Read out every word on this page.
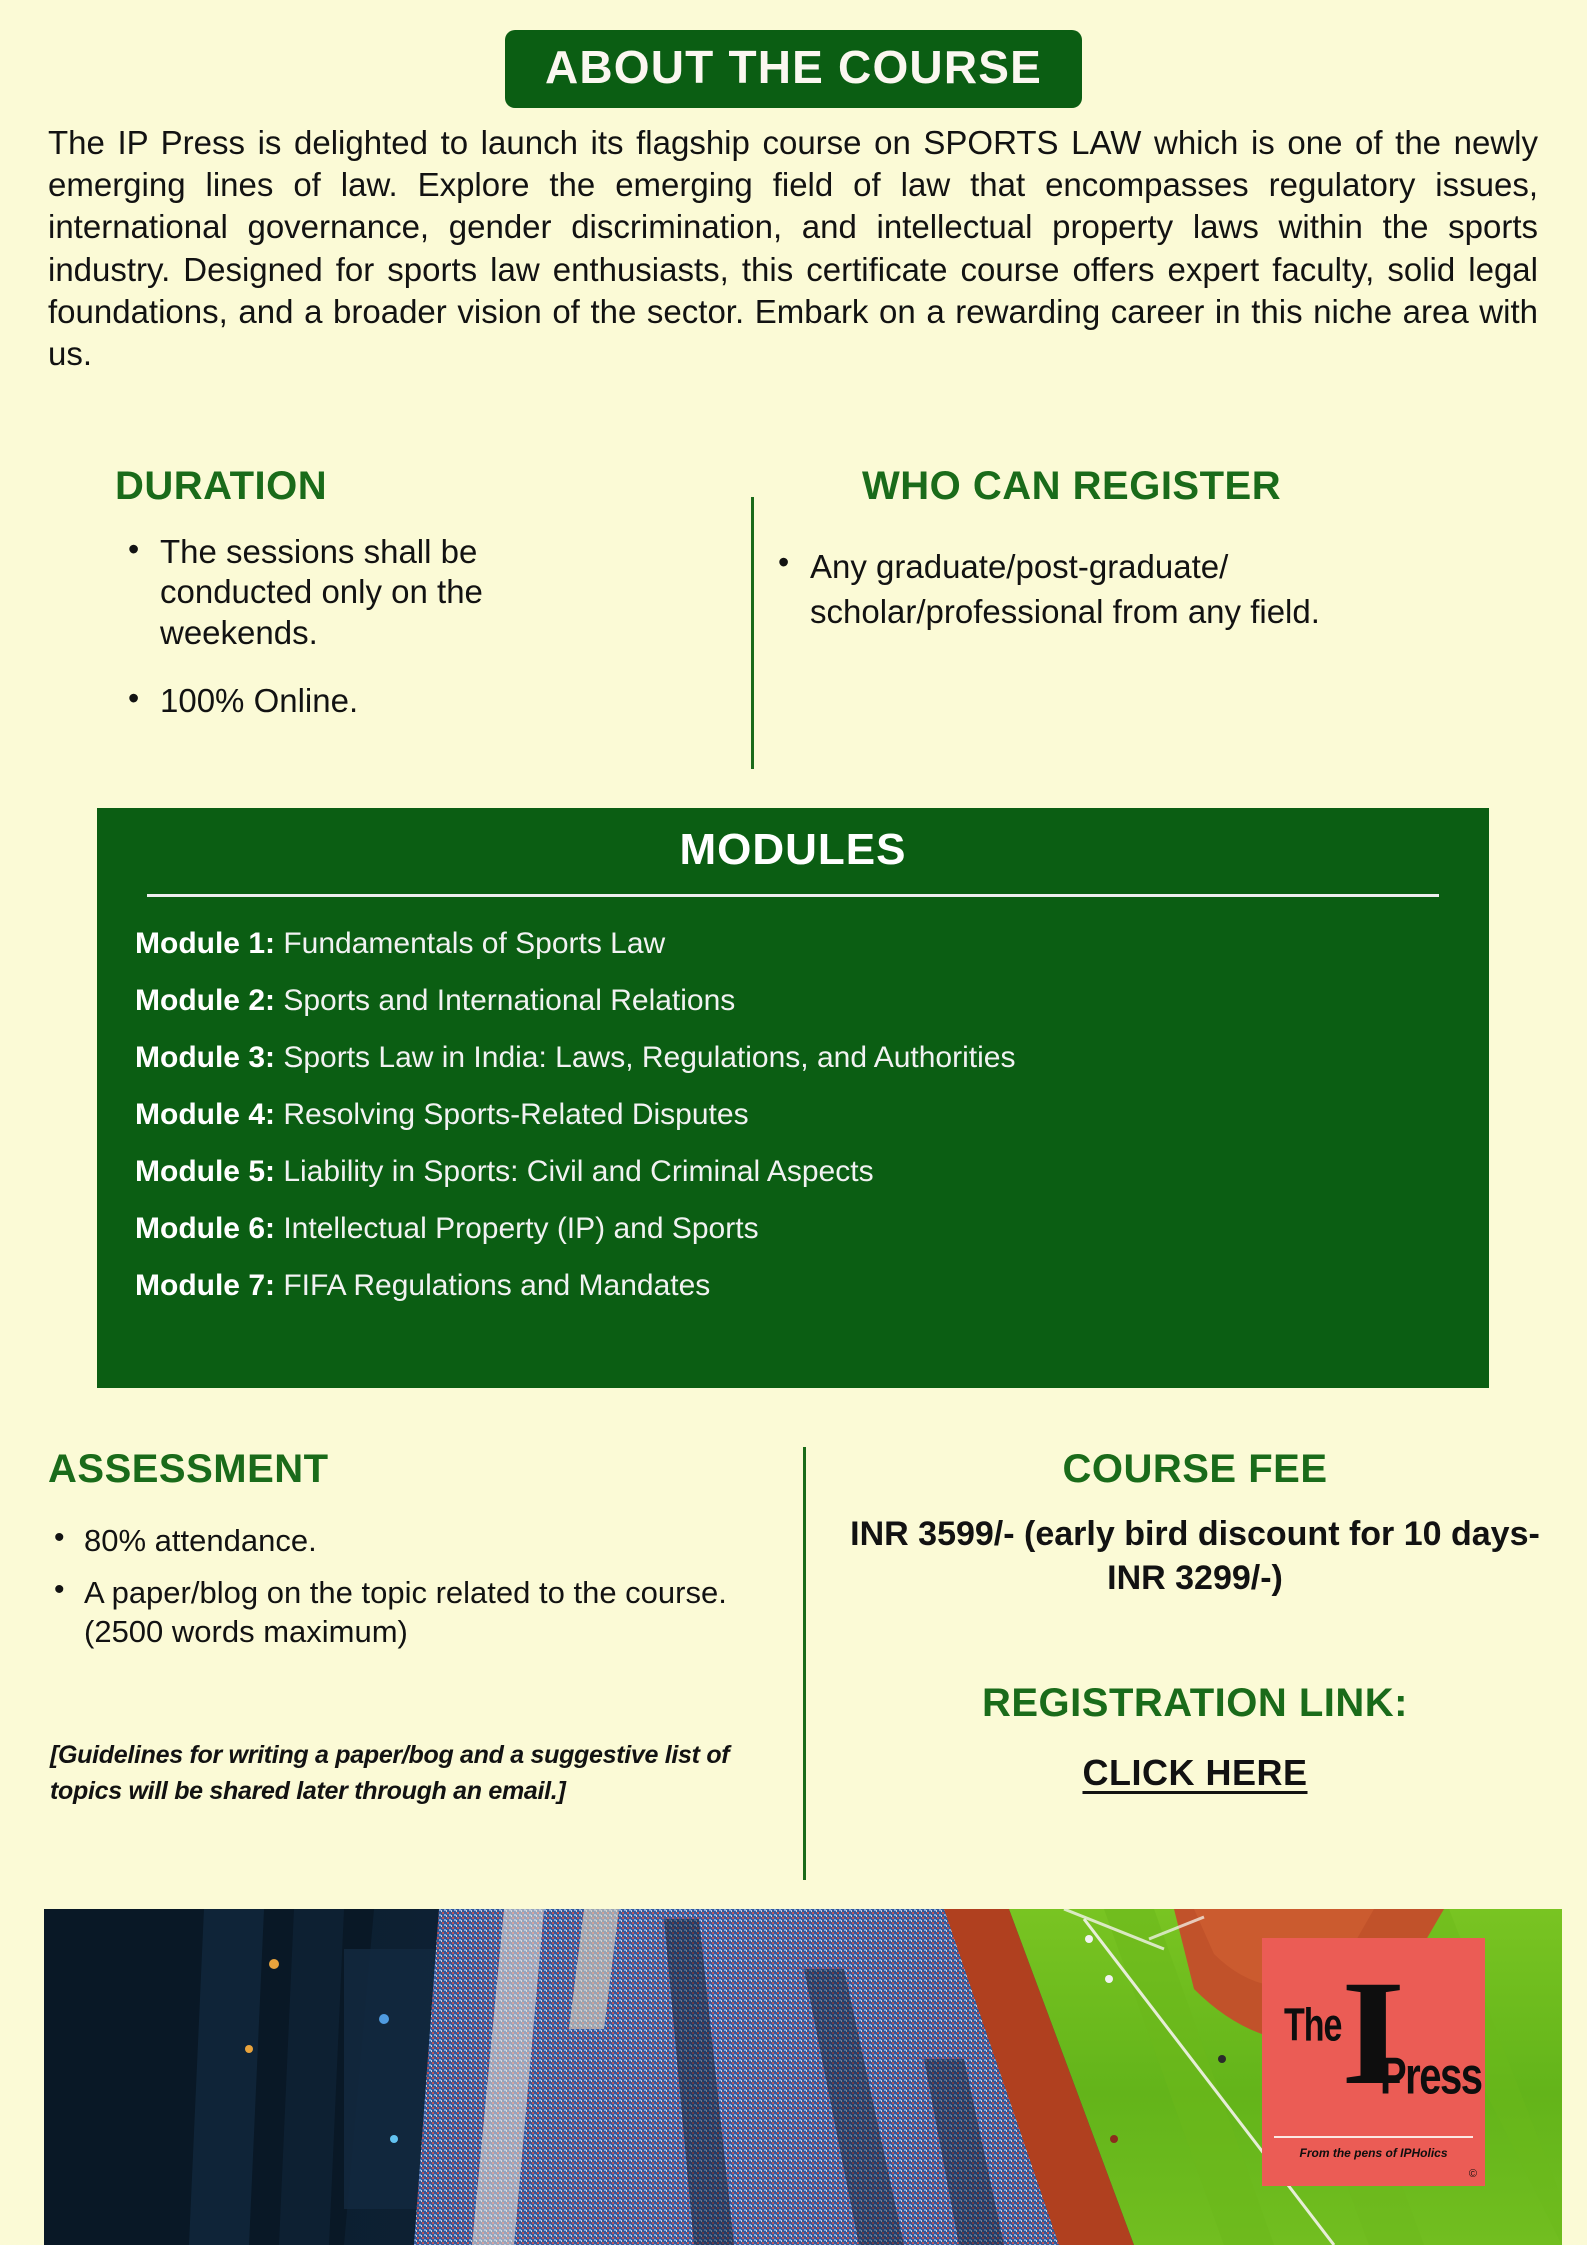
ABOUT THE COURSE

The IP Press is delighted to launch its flagship course on SPORTS LAW which is one of the newly emerging lines of law. Explore the emerging field of law that encompasses regulatory issues, international governance, gender discrimination, and intellectual property laws within the sports industry. Designed for sports law enthusiasts, this certificate course offers expert faculty, solid legal foundations, and a broader vision of the sector. Embark on a rewarding career in this niche area with us.

DURATION
• The sessions shall be conducted only on the weekends.
• 100% Online.
WHO CAN REGISTER
• Any graduate/post-graduate/ scholar/professional from any field.
MODULES
Module 1: Fundamentals of Sports Law
Module 2: Sports and International Relations
Module 3: Sports Law in India: Laws, Regulations, and Authorities
Module 4: Resolving Sports-Related Disputes
Module 5: Liability in Sports: Civil and Criminal Aspects
Module 6: Intellectual Property (IP) and Sports
Module 7: FIFA Regulations and Mandates
ASSESSMENT
• 80% attendance.
• A paper/blog on the topic related to the course. (2500 words maximum)
[Guidelines for writing a paper/bog and a suggestive list of topics will be shared later through an email.]
COURSE FEE
INR 3599/- (early bird discount for 10 days- INR 3299/-)
REGISTRATION LINK:
CLICK HERE
The I
Press
From the pens of IPHolics
©
